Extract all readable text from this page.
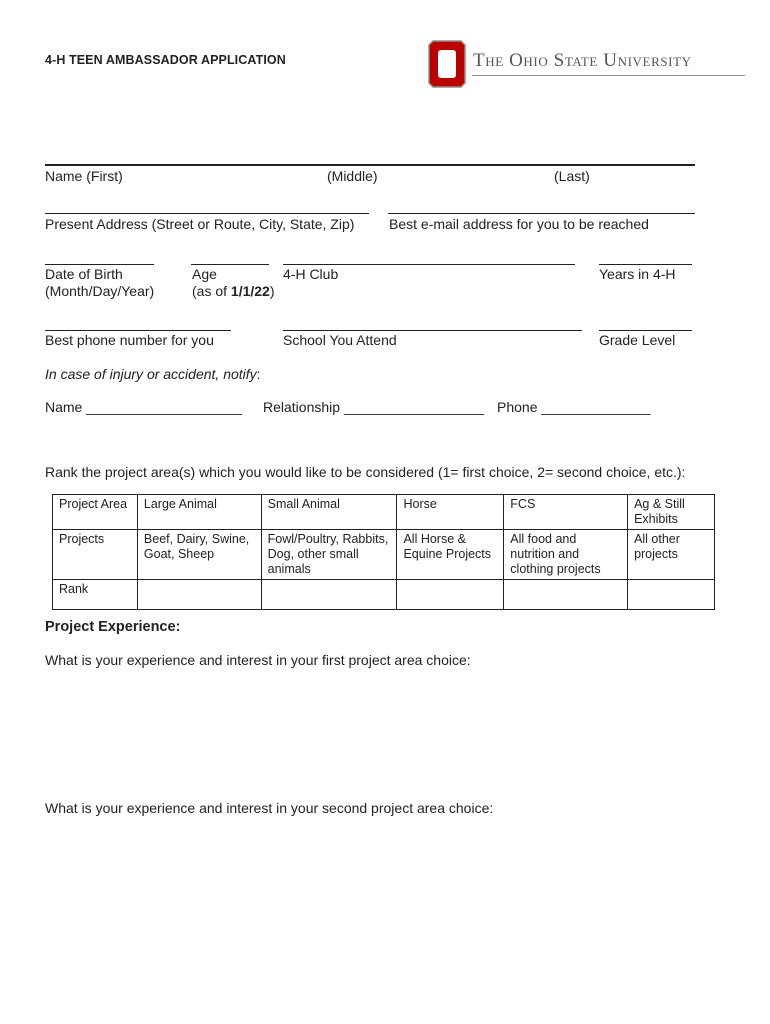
4-H TEEN AMBASSADOR APPLICATION	The Ohio State University
Name (First)	(Middle)	(Last)
Present Address (Street or Route, City, State, Zip) Best e-mail address for you to be reached
Date of Birth
(Month/Day/Year)
Age
(as of 1/1/22)
4-H Club	Years in 4-H
Best phone number for you	School You Attend	Grade Level
In case of injury or accident, notify:
Name ____________________ Relationship __________________ Phone ______________
Rank the project area(s) which you would like to be considered (1= first choice, 2= second choice, etc.):
Project Area	Large Animal	Small Animal	Horse	FCS	Ag & Still Exhibits
Projects	Beef, Dairy, Swine, Goat, Sheep	Fowl/Poultry, Rabbits, Dog, other small animals	All Horse & Equine Projects	All food and nutrition and clothing projects	All other projects
Rank					
Project Experience:
What is your experience and interest in your first project area choice:
What is your experience and interest in your second project area choice:
